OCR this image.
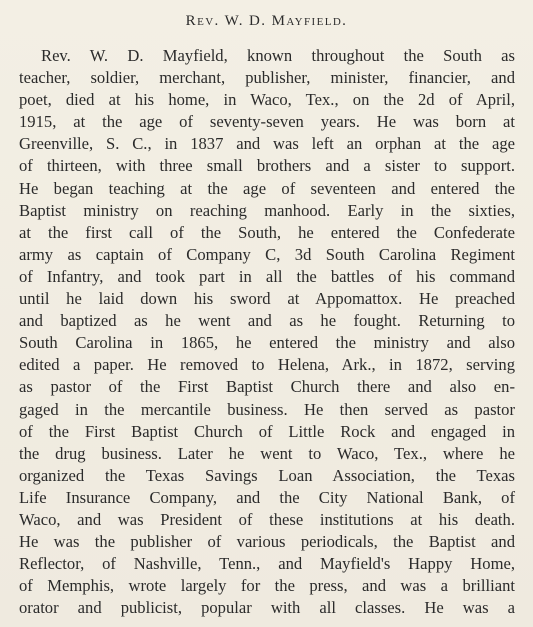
Rev. W. D. Mayfield.
Rev. W. D. Mayfield, known throughout the South as
teacher, soldier, merchant, publisher, minister, financier, and
poet, died at his home, in Waco, Tex., on the 2d of April,
1915, at the age of seventy-seven years. He was born at
Greenville, S. C., in 1837 and was left an orphan at the age
of thirteen, with three small brothers and a sister to support.
He began teaching at the age of seventeen and entered the
Baptist ministry on reaching manhood. Early in the sixties,
at the first call of the South, he entered the Confederate
army as captain of Company C, 3d South Carolina Regiment
of Infantry, and took part in all the battles of his command
until he laid down his sword at Appomattox. He preached
and baptized as he went and as he fought. Returning to
South Carolina in 1865, he entered the ministry and also
edited a paper. He removed to Helena, Ark., in 1872, serving
as pastor of the First Baptist Church there and also en-
gaged in the mercantile business. He then served as pastor
of the First Baptist Church of Little Rock and engaged in
the drug business. Later he went to Waco, Tex., where he
organized the Texas Savings Loan Association, the Texas
Life Insurance Company, and the City National Bank, of
Waco, and was President of these institutions at his death.
He was the publisher of various periodicals, the Baptist and
Reflector, of Nashville, Tenn., and Mayfield's Happy Home,
of Memphis, wrote largely for the press, and was a brilliant
orator and publicist, popular with all classes. He was a
